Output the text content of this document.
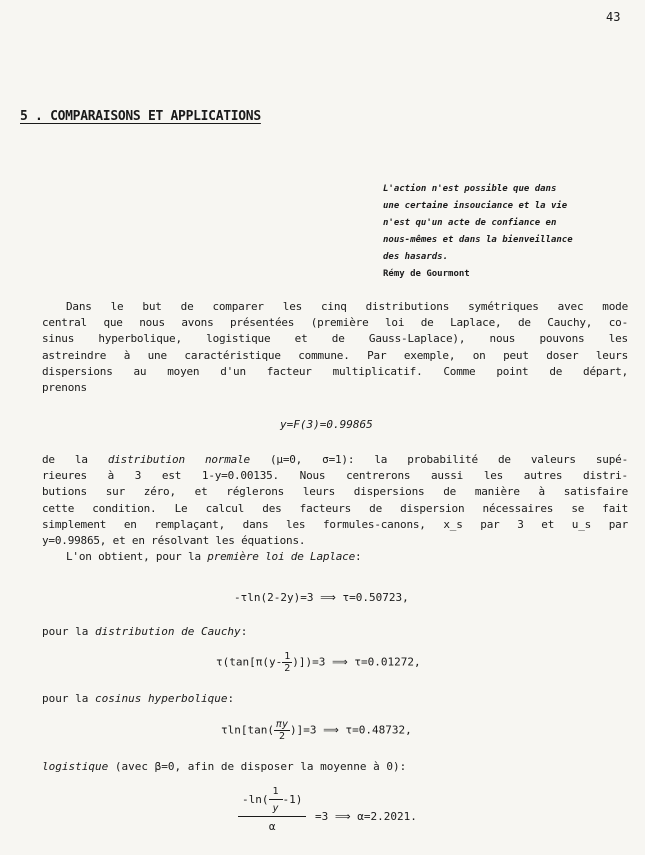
43
5 . COMPARAISONS ET APPLICATIONS
L'action n'est possible que dans
une certaine insouciance et la vie
n'est qu'un acte de confiance en
nous-mêmes et dans la bienveillance
des hasards.
Rémy de Gourmont
Dans le but de comparer les cinq distributions symétriques avec mode
central que nous avons présentées (première loi de Laplace, de Cauchy, co-
sinus hyperbolique, logistique et de Gauss-Laplace), nous pouvons les
astreindre à une caractéristique commune. Par exemple, on peut doser leurs
dispersions au moyen d'un facteur multiplicatif. Comme point de départ,
prenons
y=F(3)=0.99865
de la distribution normale (μ=0, σ=1): la probabilité de valeurs supé-
rieures à 3 est 1-y=0.00135. Nous centrerons aussi les autres distri-
butions sur zéro, et réglerons leurs dispersions de manière à satisfaire
cette condition. Le calcul des facteurs de dispersion nécessaires se fait
simplement en remplaçant, dans les formules-canons, x_s par 3 et u_s par
y=0.99865, et en résolvant les équations.
L'on obtient, pour la première loi de Laplace:
-τln(2-2y)=3 ⟹ τ=0.50723,
pour la distribution de Cauchy:
$\tau(\tan[\pi(y- \frac{1}{2} )])=3$ ⟹ τ=0.01272,
pour la cosinus hyperbolique:
$\tau\ln[\tan( \frac{\pi y}{2} )]=3$ ⟹ τ=0.48732,
logistique (avec β=0, afin de disposer la moyenne à 0):
$\frac{-\ln( \frac{1}{y} -1)}{\alpha} =3$ ⟹ α=2.2021.
